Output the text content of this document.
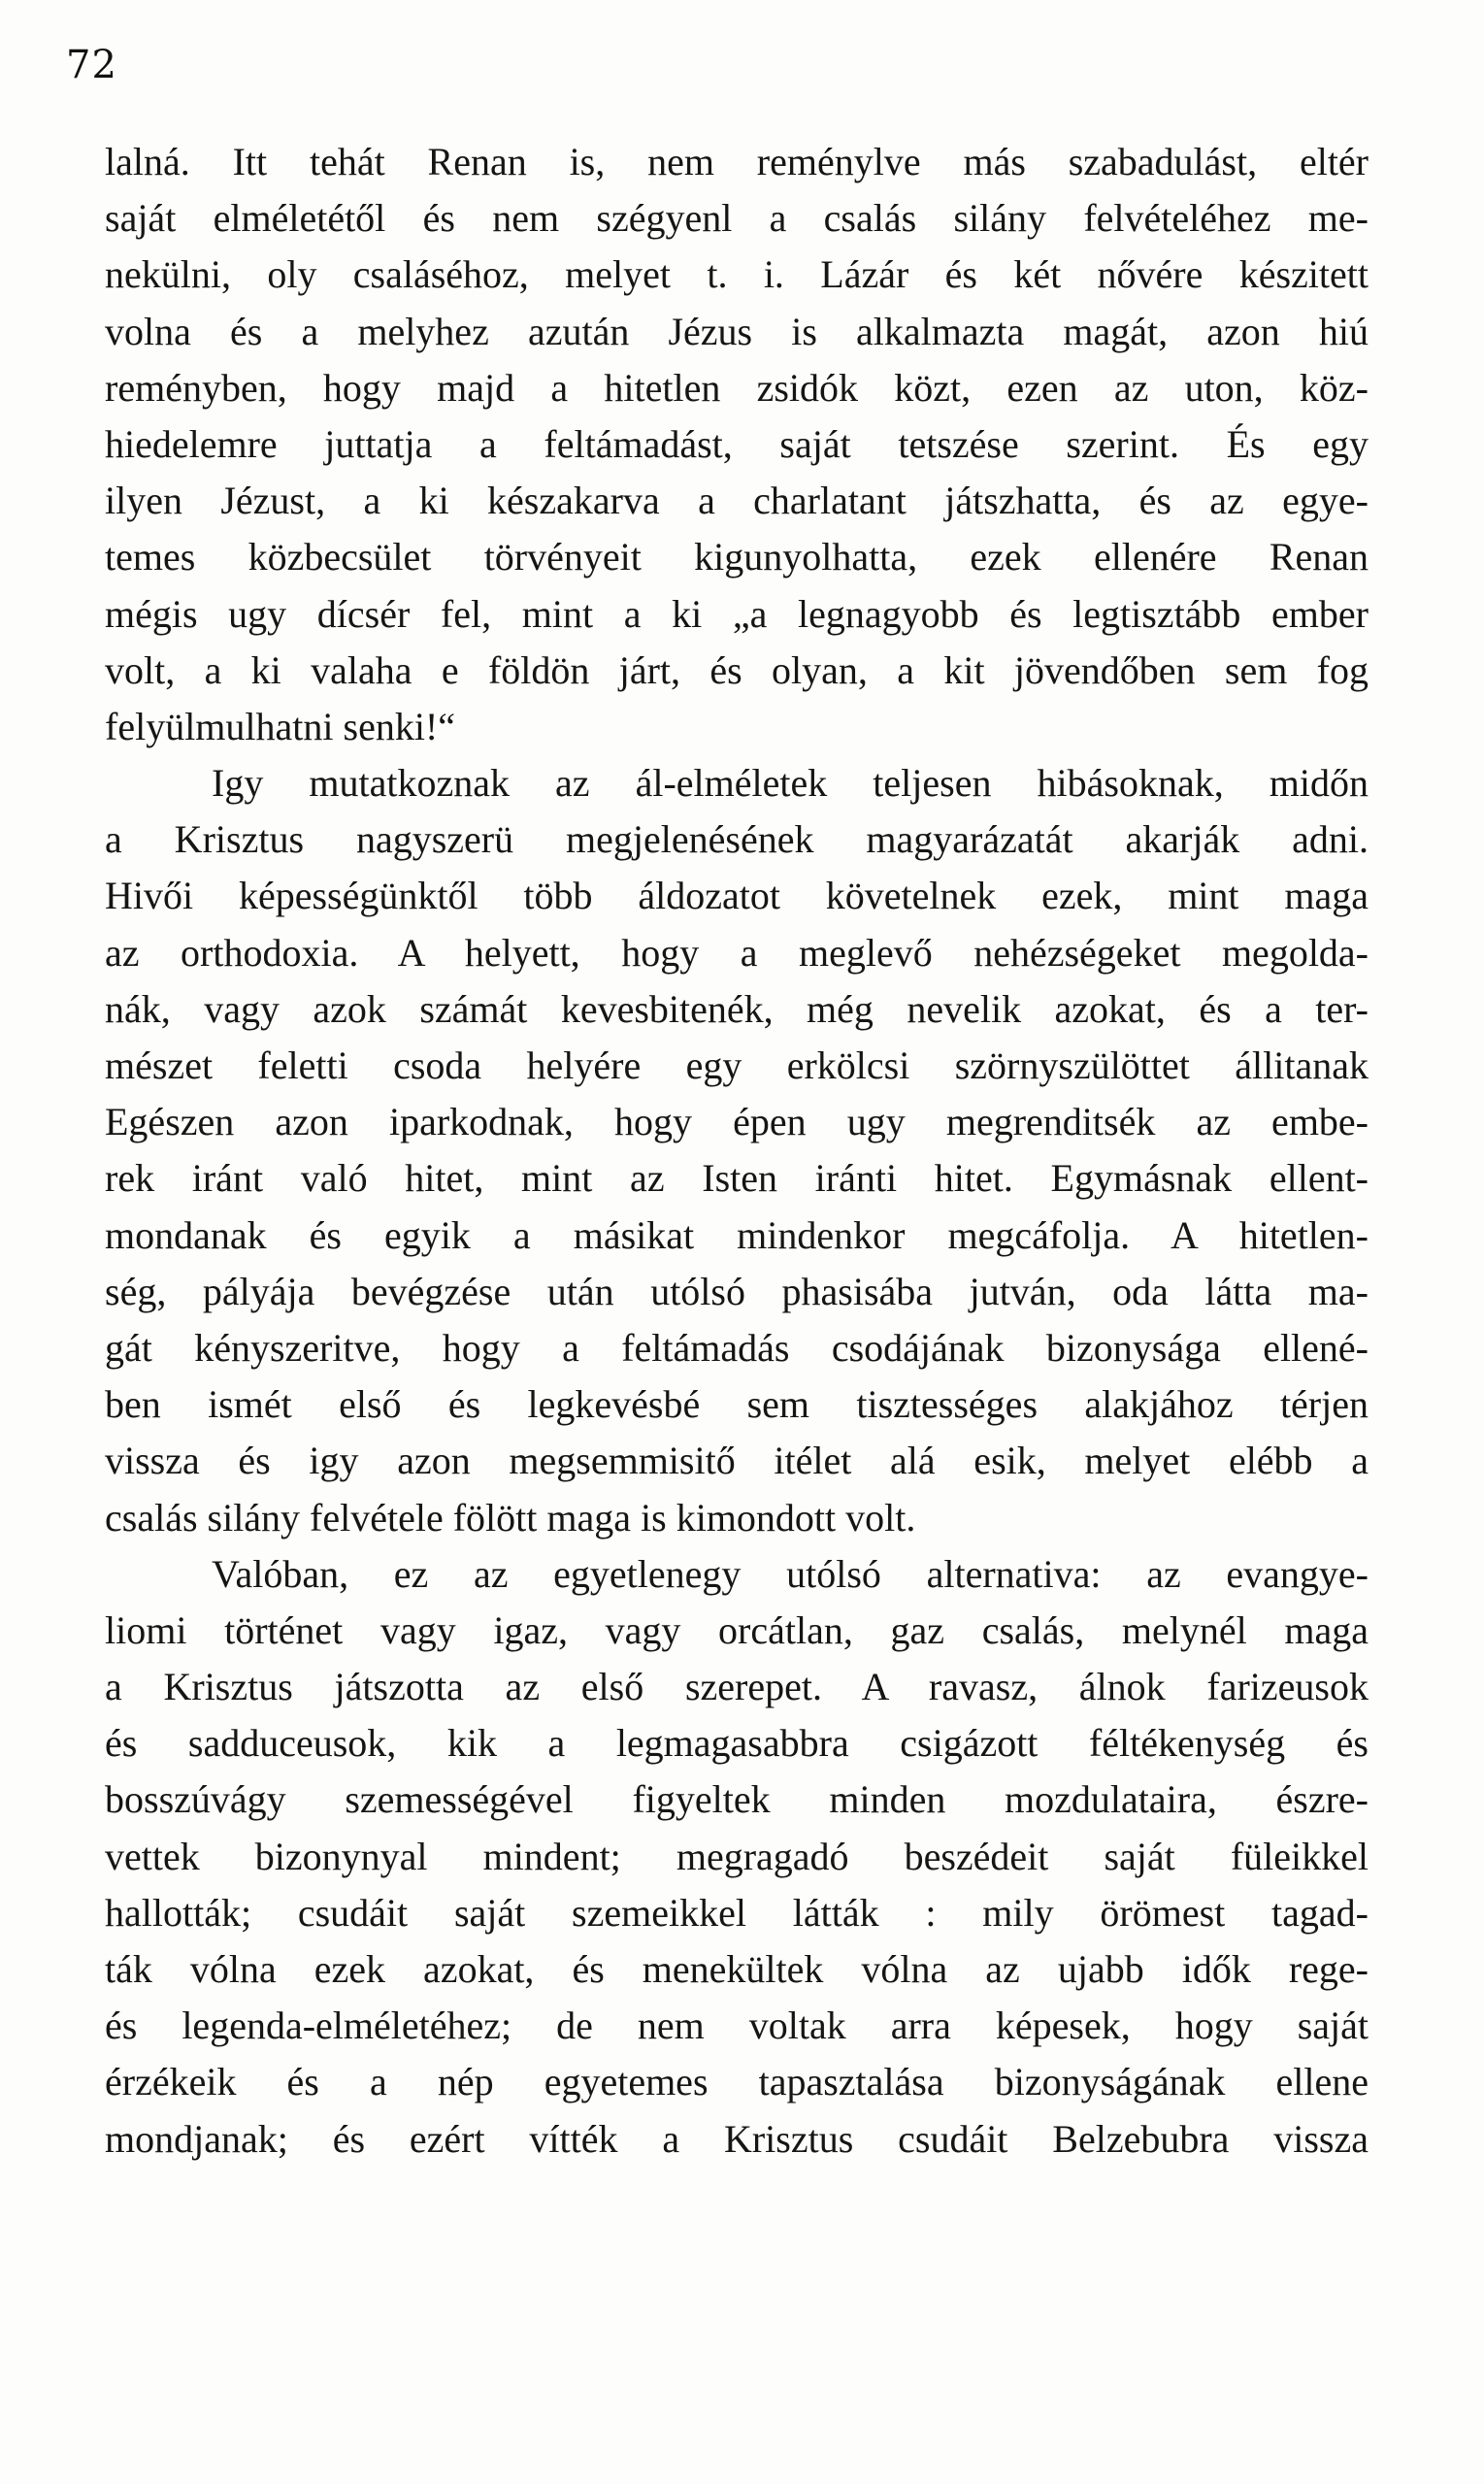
72
lalná. Itt tehát Renan is, nem reménylve más szabadulást, eltér
saját elméletétől és nem szégyenl a csalás silány felvételéhez me-
nekülni, oly csaláséhoz, melyet t. i. Lázár és két nővére készitett
volna és a melyhez azután Jézus is alkalmazta magát, azon hiú
reményben, hogy majd a hitetlen zsidók közt, ezen az uton, köz-
hiedelemre juttatja a feltámadást, saját tetszése szerint. És egy
ilyen Jézust, a ki készakarva a charlatant játszhatta, és az egye-
temes közbecsület törvényeit kigunyolhatta, ezek ellenére Renan
mégis ugy dícsér fel, mint a ki „a legnagyobb és legtisztább ember
volt, a ki valaha e földön járt, és olyan, a kit jövendőben sem fog
felyülmulhatni senki!“
Igy mutatkoznak az ál-elméletek teljesen hibásoknak, midőn
a Krisztus nagyszerü megjelenésének magyarázatát akarják adni.
Hivői képességünktől több áldozatot követelnek ezek, mint maga
az orthodoxia. A helyett, hogy a meglevő nehézségeket megolda-
nák, vagy azok számát kevesbitenék, még nevelik azokat, és a ter-
mészet feletti csoda helyére egy erkölcsi szörnyszülöttet állitanak
Egészen azon iparkodnak, hogy épen ugy megrenditsék az embe-
rek iránt való hitet, mint az Isten iránti hitet. Egymásnak ellent-
mondanak és egyik a másikat mindenkor megcáfolja. A hitetlen-
ség, pályája bevégzése után utólsó phasisába jutván, oda látta ma-
gát kényszeritve, hogy a feltámadás csodájának bizonysága ellené-
ben ismét első és legkevésbé sem tisztességes alakjához térjen
vissza és igy azon megsemmisitő itélet alá esik, melyet elébb a
csalás silány felvétele fölött maga is kimondott volt.
Valóban, ez az egyetlenegy utólsó alternativa: az evangye-
liomi történet vagy igaz, vagy orcátlan, gaz csalás, melynél maga
a Krisztus játszotta az első szerepet. A ravasz, álnok farizeusok
és sadduceusok, kik a legmagasabbra csigázott féltékenység és
bosszúvágy szemességével figyeltek minden mozdulataira, észre-
vettek bizonynyal mindent; megragadó beszédeit saját füleikkel
hallották; csudáit saját szemeikkel látták : mily örömest tagad-
ták vólna ezek azokat, és menekültek vólna az ujabb idők rege-
és legenda-elméletéhez; de nem voltak arra képesek, hogy saját
érzékeik és a nép egyetemes tapasztalása bizonyságának ellene
mondjanak; és ezért vítték a Krisztus csudáit Belzebubra vissza
